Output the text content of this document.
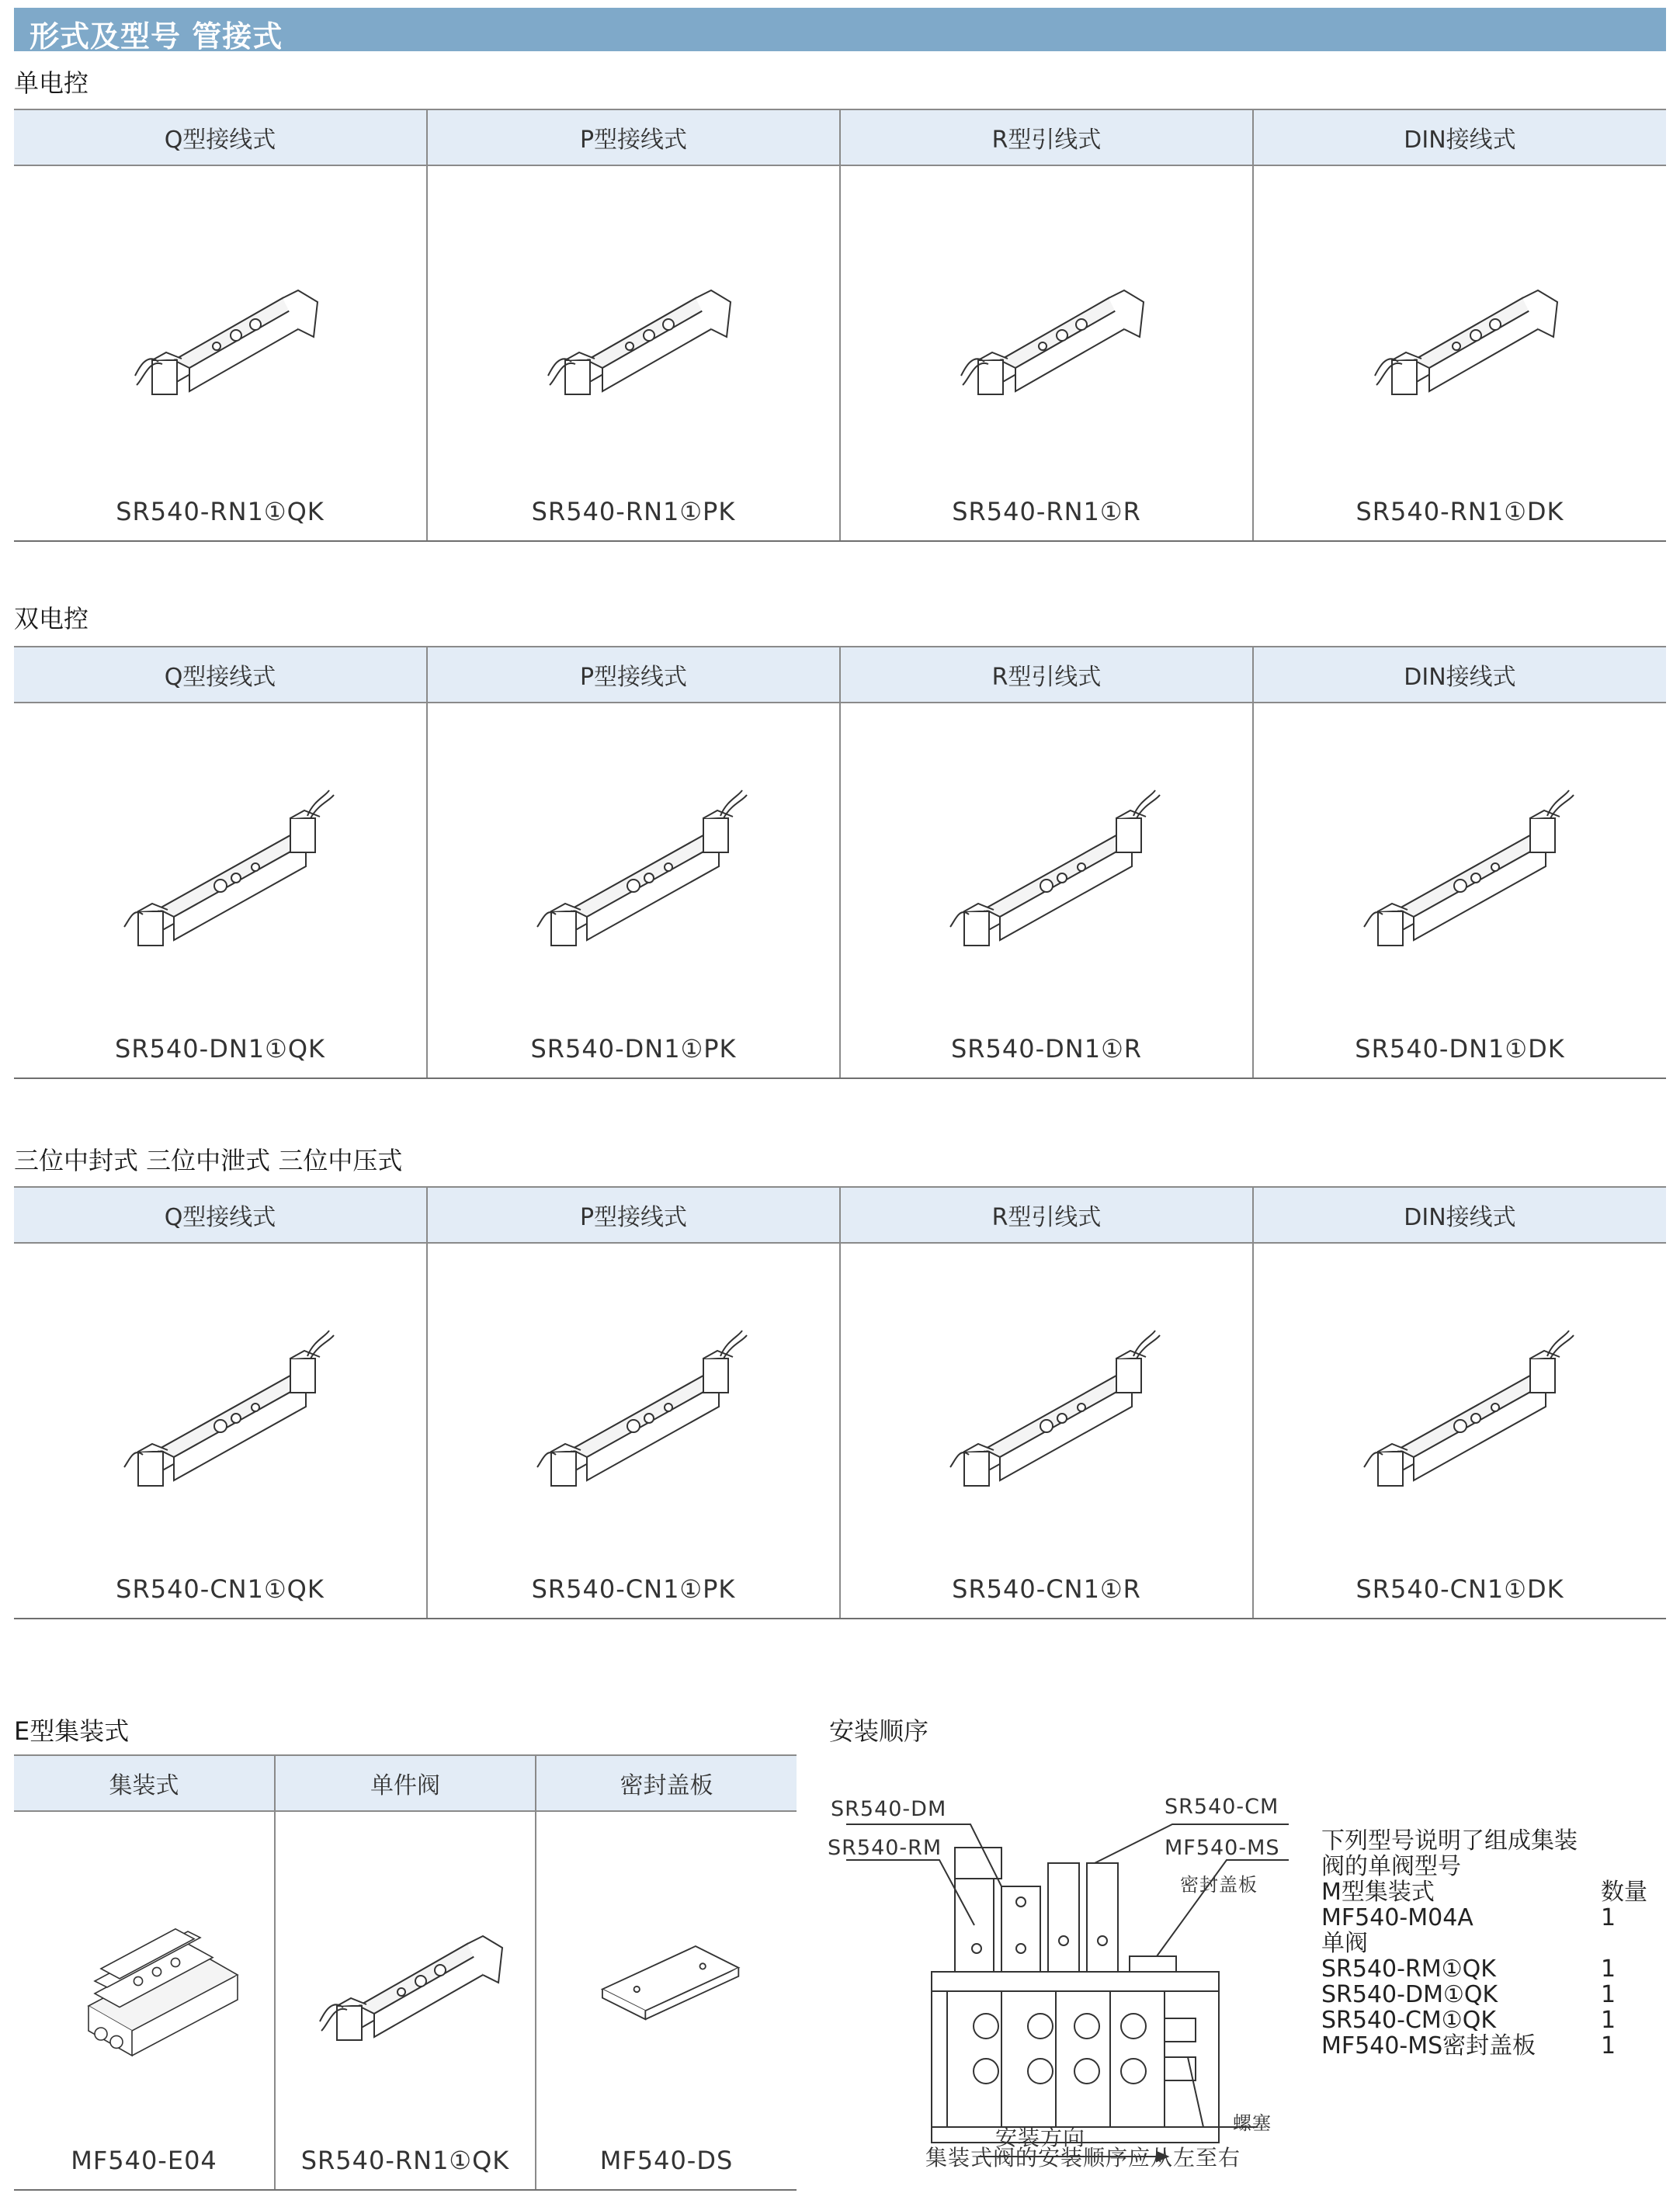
形式及型号 管接式
单电控
Q型接线式	P型接线式	R型引线式	DIN接线式

SR540-RN1①QK	SR540-RN1①PK	SR540-RN1①R	SR540-RN1①DK
双电控
Q型接线式	P型接线式	R型引线式	DIN接线式

SR540-DN1①QK	SR540-DN1①PK	SR540-DN1①R	SR540-DN1①DK
三位中封式 三位中泄式 三位中压式
Q型接线式	P型接线式	R型引线式	DIN接线式

SR540-CN1①QK	SR540-CN1①PK	SR540-CN1①R	SR540-CN1①DK
E型集装式
集装式	单件阀	密封盖板

MF540-E04	SR540-RN1①QK	MF540-DS
安装顺序
SR540-DM
SR540-RM
SR540-CM
MF540-MS
密封盖板
螺塞
安装方向
集装式阀的安装顺序应从左至右
下列型号说明了组成集装
阀的单阀型号
M型集装式	数量
MF540-M04A	1
单阀
SR540-RM①QK	1
SR540-DM①QK	1
SR540-CM①QK	1
MF540-MS密封盖板	1
